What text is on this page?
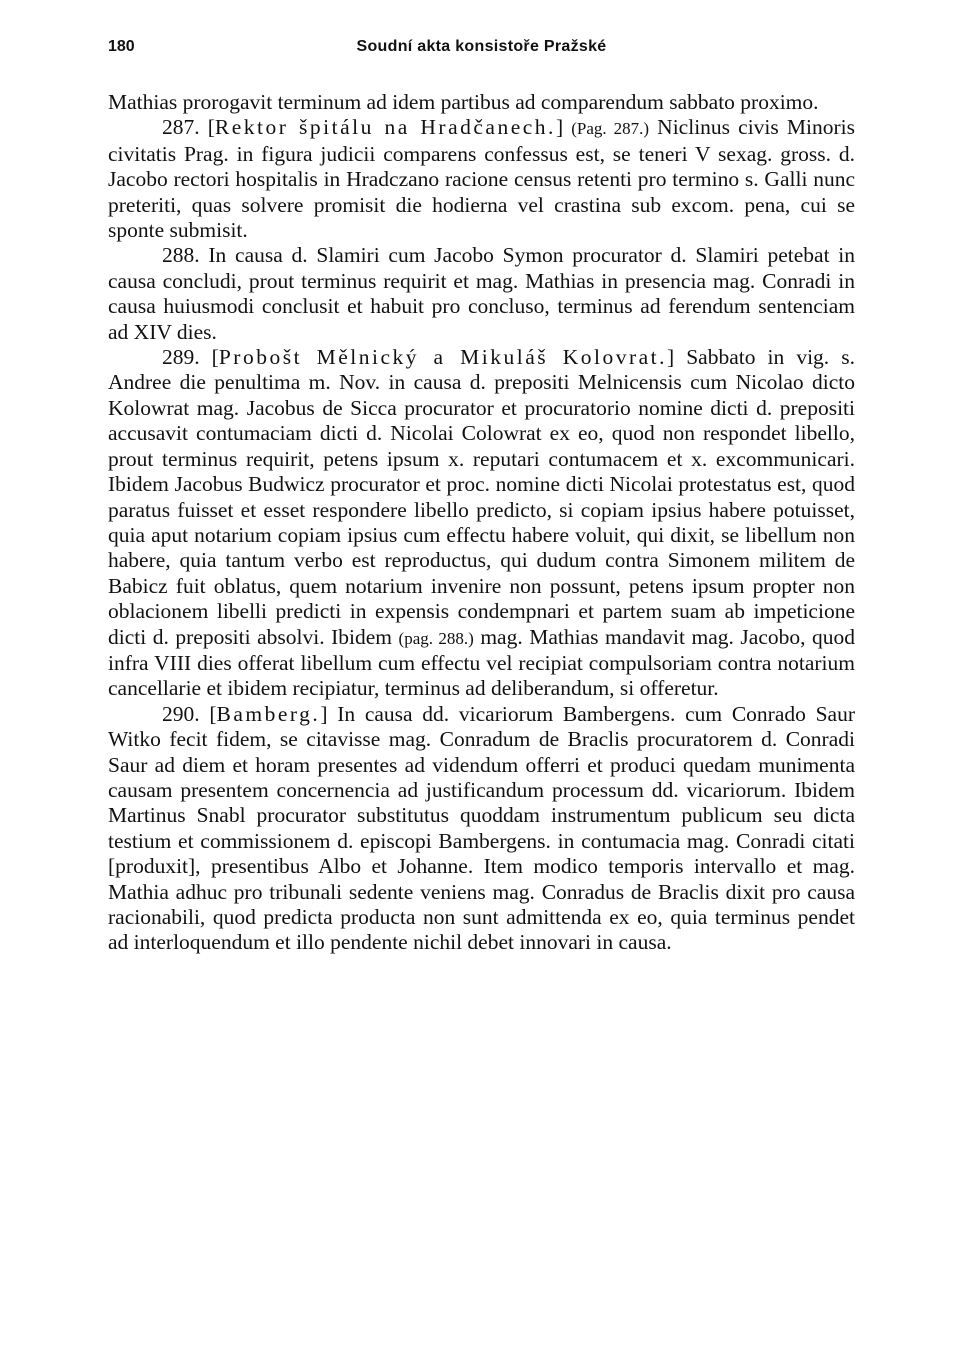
180	Soudní akta konsistoře Pražské

Mathias prorogavit terminum ad idem partibus ad comparendum sabbato proximo.

287. [Rektor špitálu na Hradčanech.] (Pag. 287.) Niclinus civis Minoris civitatis Prag. in figura judicii comparens confessus est, se teneri V sexag. gross. d. Jacobo rectori hospitalis in Hradczano racione census retenti pro termino s. Galli nunc preteriti, quas solvere promisit die hodierna vel crastina sub excom. pena, cui se sponte submisit.

288. In causa d. Slamiri cum Jacobo Symon procurator d. Slamiri petebat in causa concludi, prout terminus requirit et mag. Mathias in presencia mag. Conradi in causa huiusmodi conclusit et habuit pro concluso, terminus ad ferendum sentenciam ad XIV dies.

289. [Probošt Mělnický a Mikuláš Kolovrat.] Sabbato in vig. s. Andree die penultima m. Nov. in causa d. prepositi Melnicensis cum Nicolao dicto Kolowrat mag. Jacobus de Sicca procurator et procuratorio nomine dicti d. prepositi accusavit contumaciam dicti d. Nicolai Colowrat ex eo, quod non respondet libello, prout terminus requirit, petens ipsum x. reputari contumacem et x. excommunicari. Ibidem Jacobus Budwicz procurator et proc. nomine dicti Nicolai protestatus est, quod paratus fuisset et esset respondere libello predicto, si copiam ipsius habere potuisset, quia aput notarium copiam ipsius cum effectu habere voluit, qui dixit, se libellum non habere, quia tantum verbo est reproductus, qui dudum contra Simonem militem de Babicz fuit oblatus, quem notarium invenire non possunt, petens ipsum propter non oblacionem libelli predicti in expensis condempnari et partem suam ab impeticione dicti d. prepositi absolvi. Ibidem (pag. 288.) mag. Mathias mandavit mag. Jacobo, quod infra VIII dies offerat libellum cum effectu vel recipiat compulsoriam contra notarium cancellarie et ibidem recipiatur, terminus ad deliberandum, si offeretur.

290. [Bamberg.] In causa dd. vicariorum Bambergens. cum Conrado Saur Witko fecit fidem, se citavisse mag. Conradum de Braclis procuratorem d. Conradi Saur ad diem et horam presentes ad videndum offerri et produci quedam munimenta causam presentem concernencia ad justificandum processum dd. vicariorum. Ibidem Martinus Snabl procurator substitutus quoddam instrumentum publicum seu dicta testium et commissionem d. episcopi Bambergens. in contumacia mag. Conradi citati [produxit], presentibus Albo et Johanne. Item modico temporis intervallo et mag. Mathia adhuc pro tribunali sedente veniens mag. Conradus de Braclis dixit pro causa racionabili, quod predicta producta non sunt admittenda ex eo, quia terminus pendet ad interloquendum et illo pendente nichil debet innovari in causa.
